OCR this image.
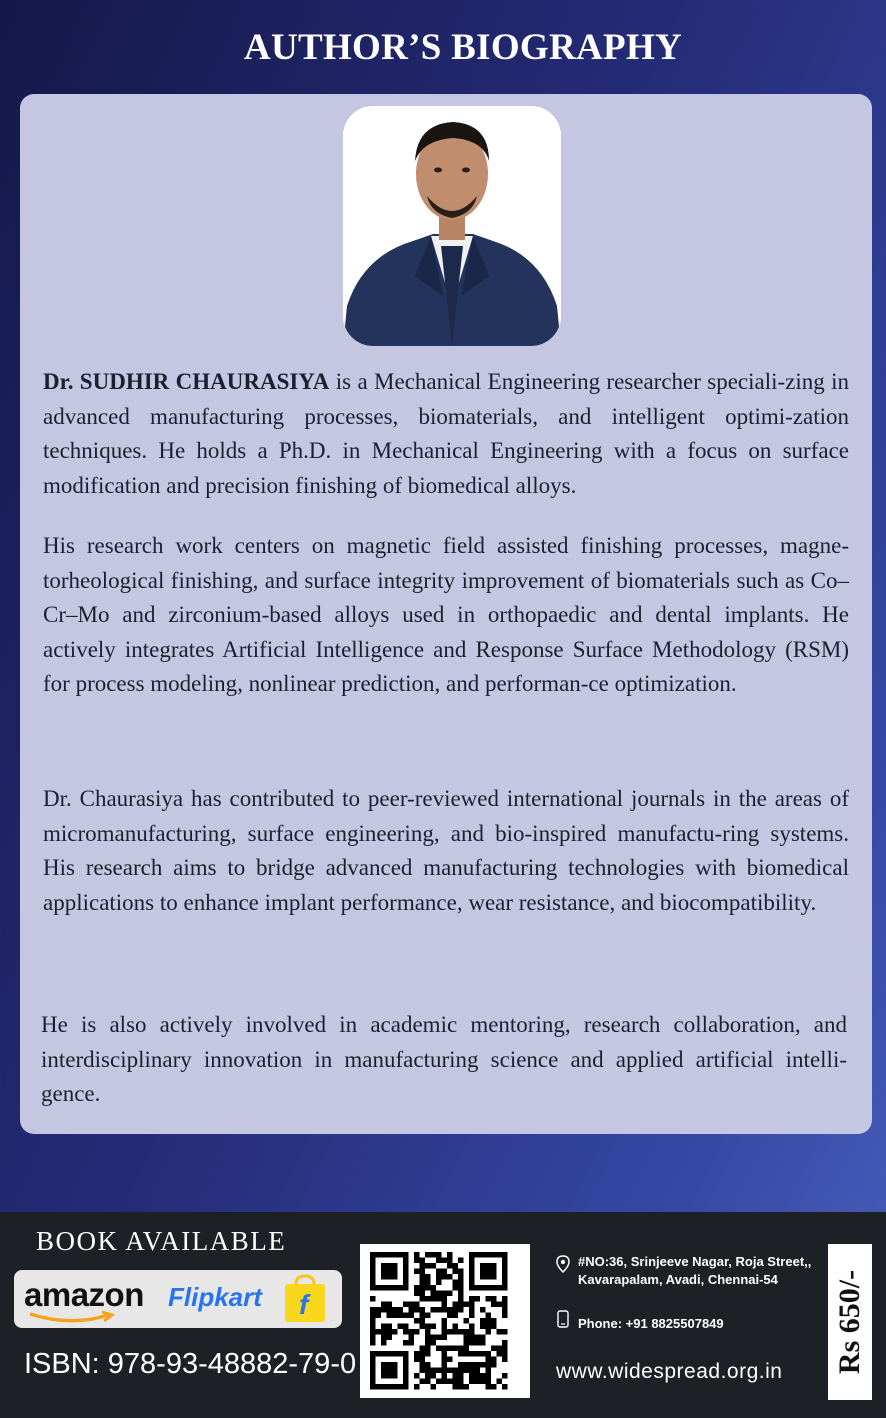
AUTHOR’S BIOGRAPHY

Dr. SUDHIR CHAURASIYA is a Mechanical Engineering researcher speciali-zing in advanced manufacturing processes, biomaterials, and intelligent optimi-zation techniques. He holds a Ph.D. in Mechanical Engineering with a focus on surface modification and precision finishing of biomedical alloys.

His research work centers on magnetic field assisted finishing processes, magne-torheological finishing, and surface integrity improvement of biomaterials such as Co–Cr–Mo and zirconium-based alloys used in orthopaedic and dental implants. He actively integrates Artificial Intelligence and Response Surface Methodology (RSM) for process modeling, nonlinear prediction, and performan-ce optimization.

Dr. Chaurasiya has contributed to peer-reviewed international journals in the areas of micromanufacturing, surface engineering, and bio-inspired manufactu-ring systems. His research aims to bridge advanced manufacturing technologies with biomedical applications to enhance implant performance, wear resistance, and biocompatibility.

He is also actively involved in academic mentoring, research collaboration, and interdisciplinary innovation in manufacturing science and applied artificial intelli-gence.

BOOK AVAILABLE
amazon Flipkart f
ISBN: 978-93-48882-79-0
#NO:36, Srinjeeve Nagar, Roja Street,,
Kavarapalam, Avadi, Chennai-54
Phone: +91 8825507849
www.widespread.org.in Rs 650/-
